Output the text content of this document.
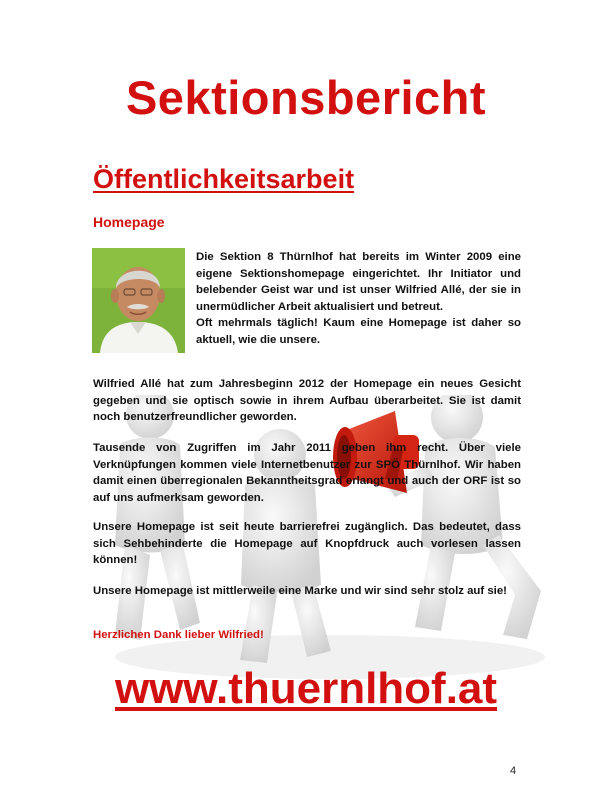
Sektionsbericht
Öffentlichkeitsarbeit
Homepage

Die Sektion 8 Thürnlhof hat bereits im Winter 2009 eine eigene Sektionshomepage eingerichtet. Ihr Initiator und belebender Geist war und ist unser Wilfried Allé, der sie in unermüdlicher Arbeit aktualisiert und betreut.
Oft mehrmals täglich! Kaum eine Homepage ist daher so aktuell, wie die unsere.

Wilfried Allé hat zum Jahresbeginn 2012 der Homepage ein neues Gesicht gegeben und sie optisch sowie in ihrem Aufbau überarbeitet. Sie ist damit noch benutzerfreundlicher geworden.

Tausende von Zugriffen im Jahr 2011 geben ihm recht. Über viele Verknüpfungen kommen viele Internetbenutzer zur SPÖ Thürnlhof. Wir haben damit einen überregionalen Bekanntheitsgrad erlangt und auch der ORF ist so auf uns aufmerksam geworden.

Unsere Homepage ist seit heute barrierefrei zugänglich. Das bedeutet, dass sich Sehbehinderte die Homepage auf Knopfdruck auch vorlesen lassen können!

Unsere Homepage ist mittlerweile eine Marke und wir sind sehr stolz auf sie!

Herzlichen Dank lieber Wilfried!
www.thuernlhof.at
4
